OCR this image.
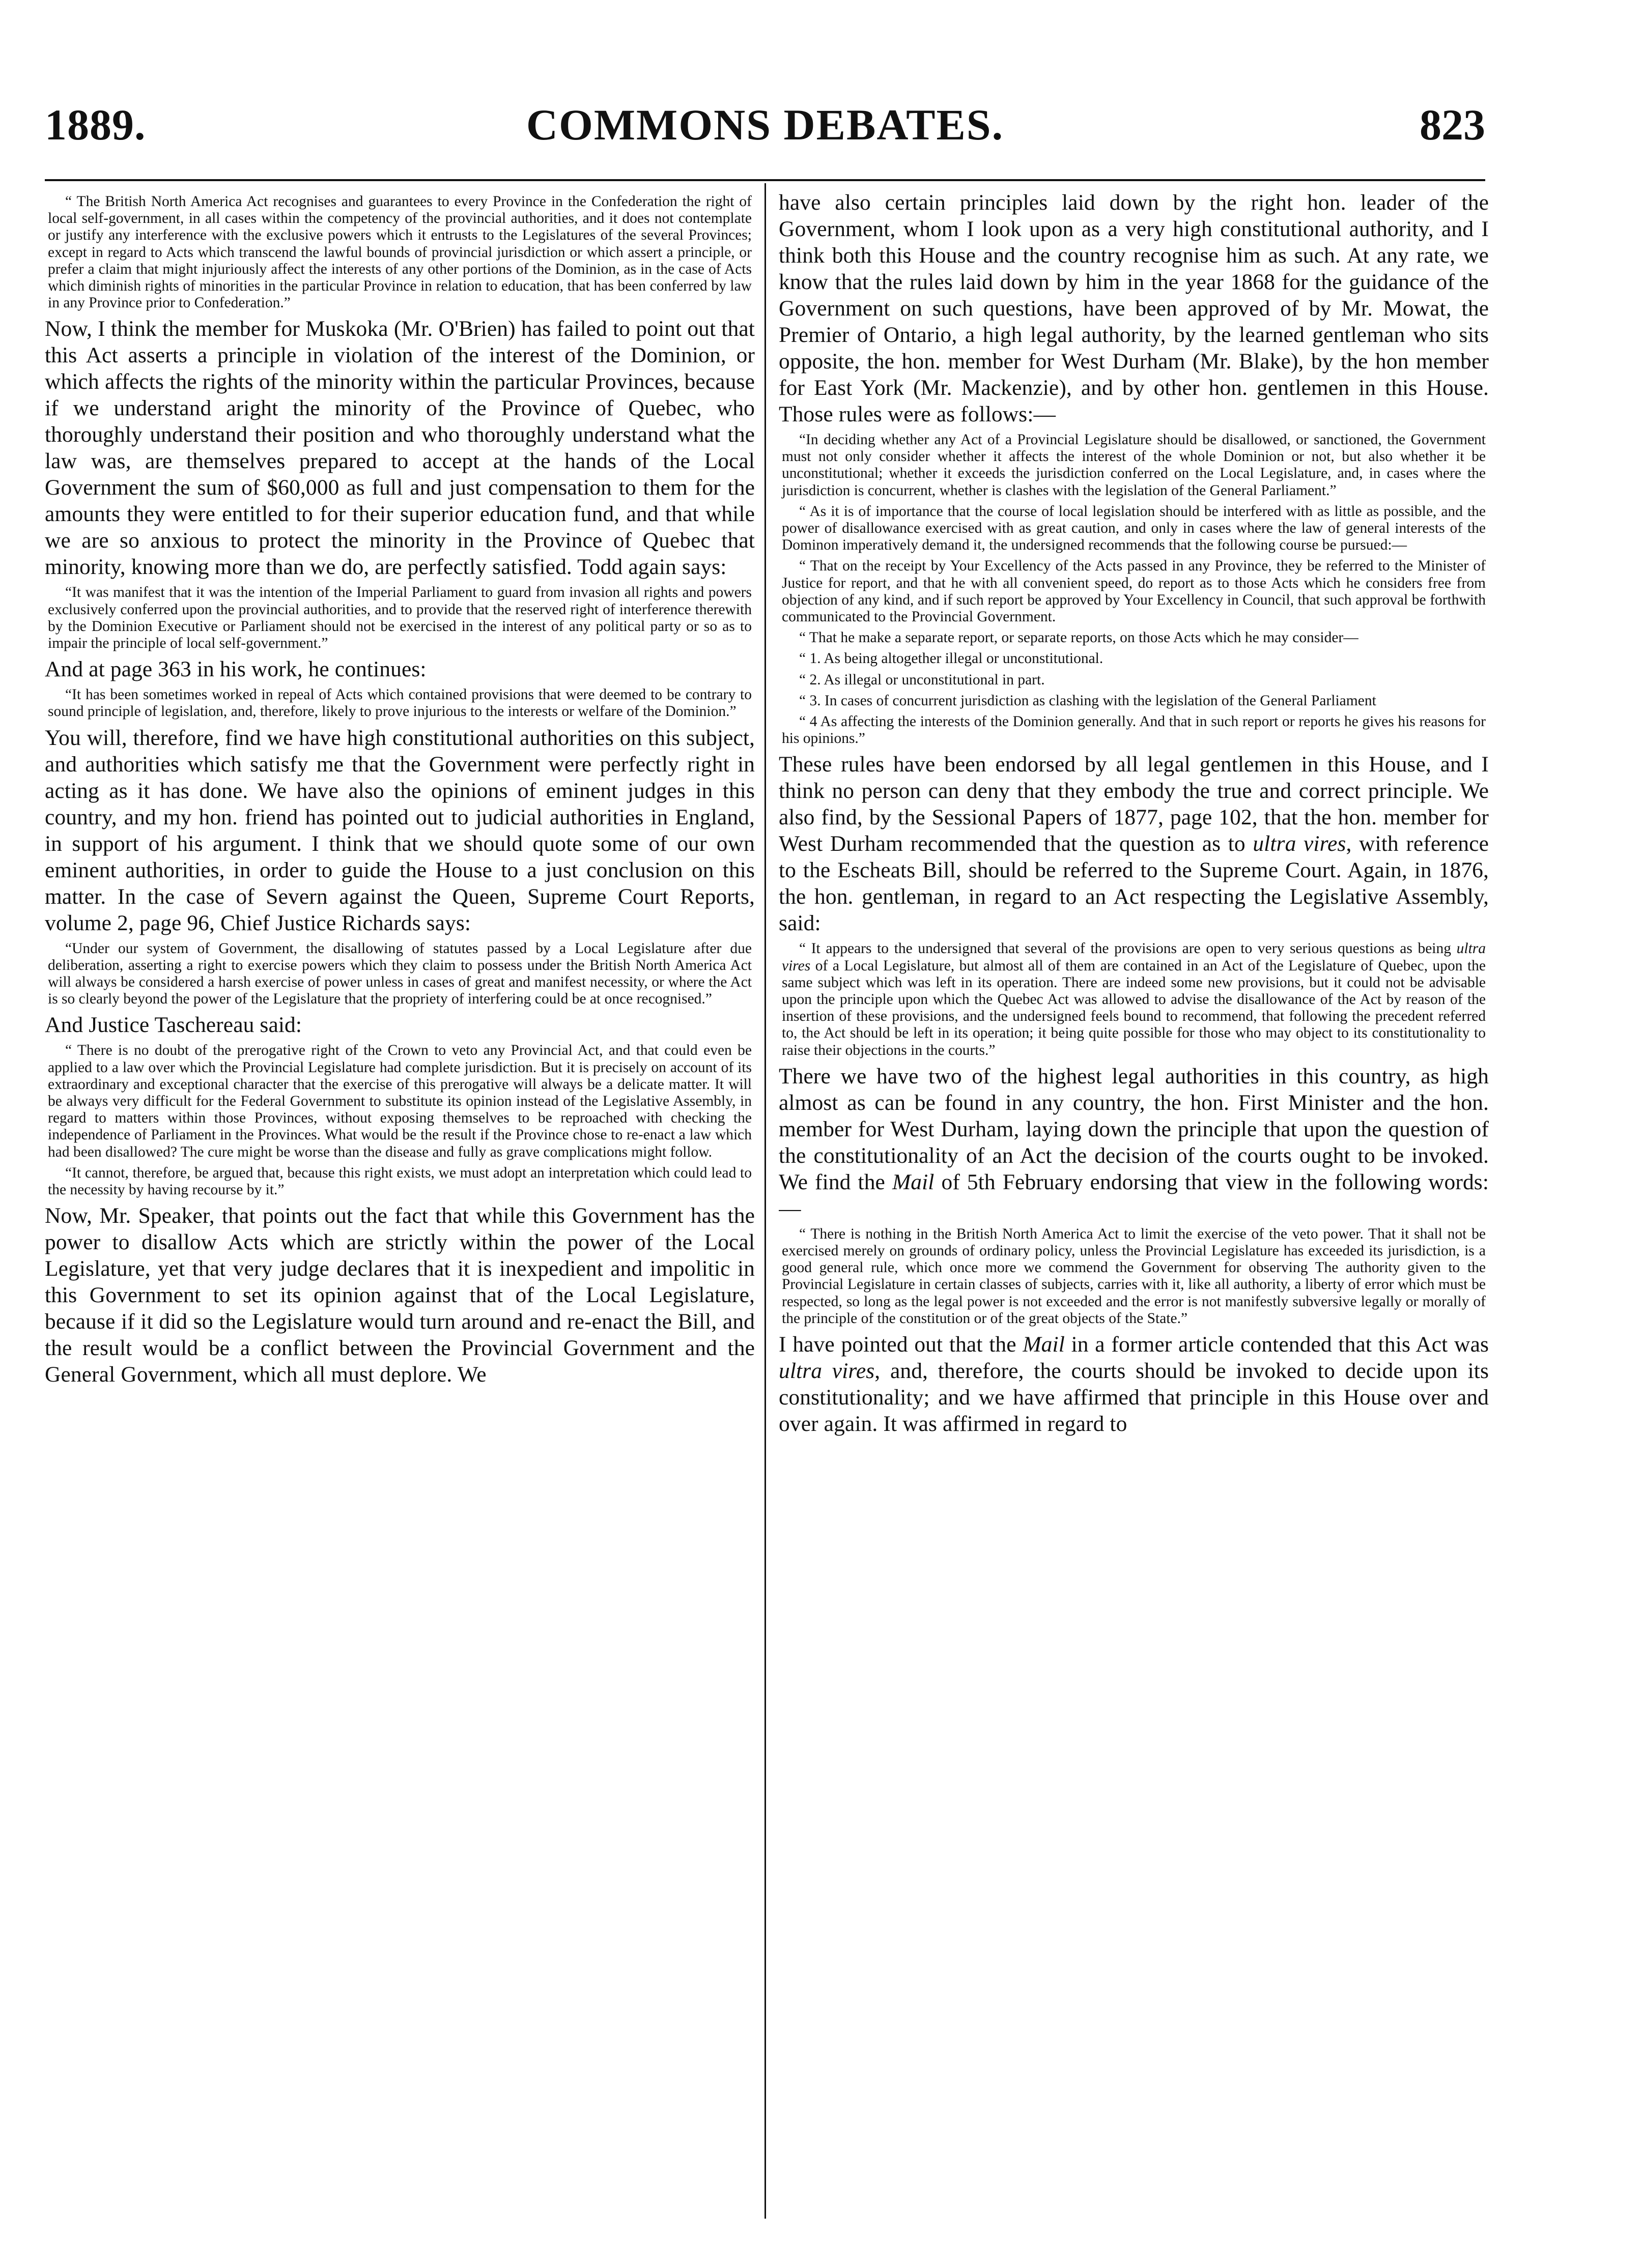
1889.	COMMONS DEBATES.	823

“ The British North America Act recognises and guarantees to every Province in the Confederation the right of local self-government, in all cases within the competency of the provincial authorities, and it does not contemplate or justify any interference with the exclusive powers which it entrusts to the Legislatures of the several Provinces; except in regard to Acts which transcend the lawful bounds of provincial jurisdiction or which assert a principle, or prefer a claim that might injuriously affect the interests of any other portions of the Dominion, as in the case of Acts which diminish rights of minorities in the particular Province in relation to education, that has been conferred by law in any Province prior to Confederation.”

Now, I think the member for Muskoka (Mr. O'Brien) has failed to point out that this Act asserts a principle in violation of the interest of the Dominion, or which affects the rights of the minority within the particular Provinces, because if we understand aright the minority of the Province of Quebec, who thoroughly understand their position and who thoroughly understand what the law was, are themselves prepared to accept at the hands of the Local Government the sum of $60,000 as full and just compensation to them for the amounts they were entitled to for their superior education fund, and that while we are so anxious to protect the minority in the Province of Quebec that minority, knowing more than we do, are perfectly satisfied. Todd again says:

“It was manifest that it was the intention of the Imperial Parliament to guard from invasion all rights and powers exclusively conferred upon the provincial authorities, and to provide that the reserved right of interference therewith by the Dominion Executive or Parliament should not be exercised in the interest of any political party or so as to impair the principle of local self-government.”

And at page 363 in his work, he continues:

“It has been sometimes worked in repeal of Acts which contained provisions that were deemed to be contrary to sound principle of legislation, and, therefore, likely to prove injurious to the interests or welfare of the Dominion.”

You will, therefore, find we have high constitutional authorities on this subject, and authorities which satisfy me that the Government were perfectly right in acting as it has done. We have also the opinions of eminent judges in this country, and my hon. friend has pointed out to judicial authorities in England, in support of his argument. I think that we should quote some of our own eminent authorities, in order to guide the House to a just conclusion on this matter. In the case of Severn against the Queen, Supreme Court Reports, volume 2, page 96, Chief Justice Richards says:

“Under our system of Government, the disallowing of statutes passed by a Local Legislature after due deliberation, asserting a right to exercise powers which they claim to possess under the British North America Act will always be considered a harsh exercise of power unless in cases of great and manifest necessity, or where the Act is so clearly beyond the power of the Legislature that the propriety of interfering could be at once recognised.”

And Justice Taschereau said:

“ There is no doubt of the prerogative right of the Crown to veto any Provincial Act, and that could even be applied to a law over which the Provincial Legislature had complete jurisdiction. But it is precisely on account of its extraordinary and exceptional character that the exercise of this prerogative will always be a delicate matter. It will be always very difficult for the Federal Government to substitute its opinion instead of the Legislative Assembly, in regard to matters within those Provinces, without exposing themselves to be reproached with checking the independence of Parliament in the Provinces. What would be the result if the Province chose to re-enact a law which had been disallowed? The cure might be worse than the disease and fully as grave complications might follow.

“It cannot, therefore, be argued that, because this right exists, we must adopt an interpretation which could lead to the necessity by having recourse by it.”

Now, Mr. Speaker, that points out the fact that while this Government has the power to disallow Acts which are strictly within the power of the Local Legislature, yet that very judge declares that it is inexpedient and impolitic in this Government to set its opinion against that of the Local Legislature, because if it did so the Legislature would turn around and re-enact the Bill, and the result would be a conflict between the Provincial Government and the General Government, which all must deplore. We

have also certain principles laid down by the right hon. leader of the Government, whom I look upon as a very high constitutional authority, and I think both this House and the country recognise him as such. At any rate, we know that the rules laid down by him in the year 1868 for the guidance of the Government on such questions, have been approved of by Mr. Mowat, the Premier of Ontario, a high legal authority, by the learned gentleman who sits opposite, the hon. member for West Durham (Mr. Blake), by the hon member for East York (Mr. Mackenzie), and by other hon. gentlemen in this House. Those rules were as follows:—

“In deciding whether any Act of a Provincial Legislature should be disallowed, or sanctioned, the Government must not only consider whether it affects the interest of the whole Dominion or not, but also whether it be unconstitutional; whether it exceeds the jurisdiction conferred on the Local Legislature, and, in cases where the jurisdiction is concurrent, whether is clashes with the legislation of the General Parliament.”

“ As it is of importance that the course of local legislation should be interfered with as little as possible, and the power of disallowance exercised with as great caution, and only in cases where the law of general interests of the Dominon imperatively demand it, the undersigned recommends that the following course be pursued:—

“ That on the receipt by Your Excellency of the Acts passed in any Province, they be referred to the Minister of Justice for report, and that he with all convenient speed, do report as to those Acts which he considers free from objection of any kind, and if such report be approved by Your Excellency in Council, that such approval be forthwith communicated to the Provincial Government.

“ That he make a separate report, or separate reports, on those Acts which he may consider—

“ 1. As being altogether illegal or unconstitutional.

“ 2. As illegal or unconstitutional in part.

“ 3. In cases of concurrent jurisdiction as clashing with the legislation of the General Parliament

“ 4 As affecting the interests of the Dominion generally. And that in such report or reports he gives his reasons for his opinions.”

These rules have been endorsed by all legal gentlemen in this House, and I think no person can deny that they embody the true and correct principle. We also find, by the Sessional Papers of 1877, page 102, that the hon. member for West Durham recommended that the question as to ultra vires, with reference to the Escheats Bill, should be referred to the Supreme Court. Again, in 1876, the hon. gentleman, in regard to an Act respecting the Legislative Assembly, said:

“ It appears to the undersigned that several of the provisions are open to very serious questions as being ultra vires of a Local Legislature, but almost all of them are contained in an Act of the Legislature of Quebec, upon the same subject which was left in its operation. There are indeed some new provisions, but it could not be advisable upon the principle upon which the Quebec Act was allowed to advise the disallowance of the Act by reason of the insertion of these provisions, and the undersigned feels bound to recommend, that following the precedent referred to, the Act should be left in its operation; it being quite possible for those who may object to its constitutionality to raise their objections in the courts.”

There we have two of the highest legal authorities in this country, as high almost as can be found in any country, the hon. First Minister and the hon. member for West Durham, laying down the principle that upon the question of the constitutionality of an Act the decision of the courts ought to be invoked. We find the Mail of 5th February endorsing that view in the following words:—

“ There is nothing in the British North America Act to limit the exercise of the veto power. That it shall not be exercised merely on grounds of ordinary policy, unless the Provincial Legislature has exceeded its jurisdiction, is a good general rule, which once more we commend the Government for observing The authority given to the Provincial Legislature in certain classes of subjects, carries with it, like all authority, a liberty of error which must be respected, so long as the legal power is not exceeded and the error is not manifestly subversive legally or morally of the principle of the constitution or of the great objects of the State.”

I have pointed out that the Mail in a former article contended that this Act was ultra vires, and, therefore, the courts should be invoked to decide upon its constitutionality; and we have affirmed that principle in this House over and over again. It was affirmed in regard to
